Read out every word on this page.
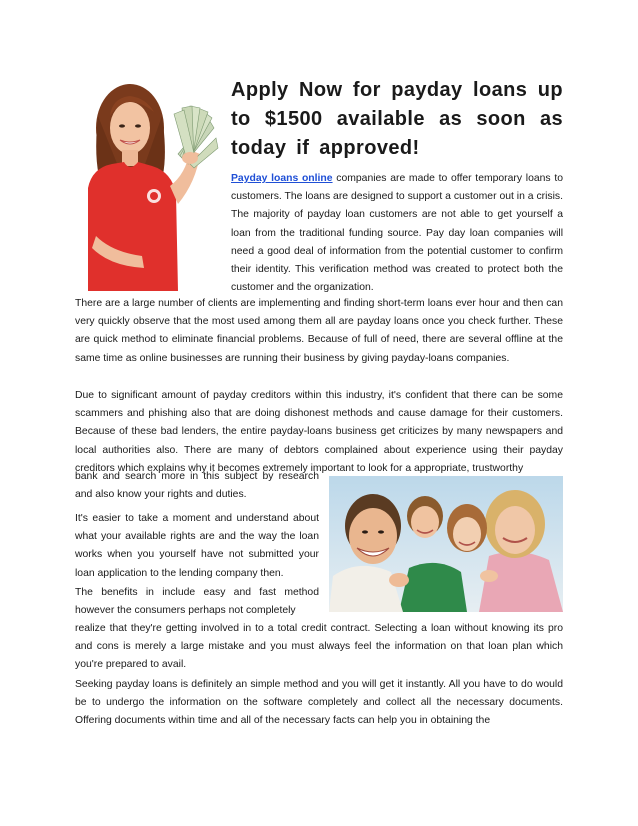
Apply Now for payday loans up to $1500 available as soon as today if approved!

Payday loans online companies are made to offer temporary loans to customers. The loans are designed to support a customer out in a crisis. The majority of payday loan customers are not able to get yourself a loan from the traditional funding source. Pay day loan companies will need a good deal of information from the potential customer to confirm their identity. This verification method was created to protect both the customer and the organization.

There are a large number of clients are implementing and finding short-term loans ever hour and then can very quickly observe that the most used among them all are payday loans once you check further. These are quick method to eliminate financial problems. Because of full of need, there are several offline at the same time as online businesses are running their business by giving payday-loans companies.

Due to significant amount of payday creditors within this industry, it's confident that there can be some scammers and phishing also that are doing dishonest methods and cause damage for their customers. Because of these bad lenders, the entire payday-loans business get criticizes by many newspapers and local authorities also. There are many of debtors complained about experience using their payday creditors which explains why it becomes extremely important to look for a appropriate, trustworthy

bank and search more in this subject by research and also know your rights and duties.

It's easier to take a moment and understand about what your available rights are and the way the loan works when you yourself have not submitted your loan application to the lending company then.

The benefits in include easy and fast method however the consumers perhaps not completely

realize that they're getting involved in to a total credit contract. Selecting a loan without knowing its pro and cons is merely a large mistake and you must always feel the information on that loan plan which you're prepared to avail.

Seeking payday loans is definitely an simple method and you will get it instantly. All you have to do would be to undergo the information on the software completely and collect all the necessary documents. Offering documents within time and all of the necessary facts can help you in obtaining the
